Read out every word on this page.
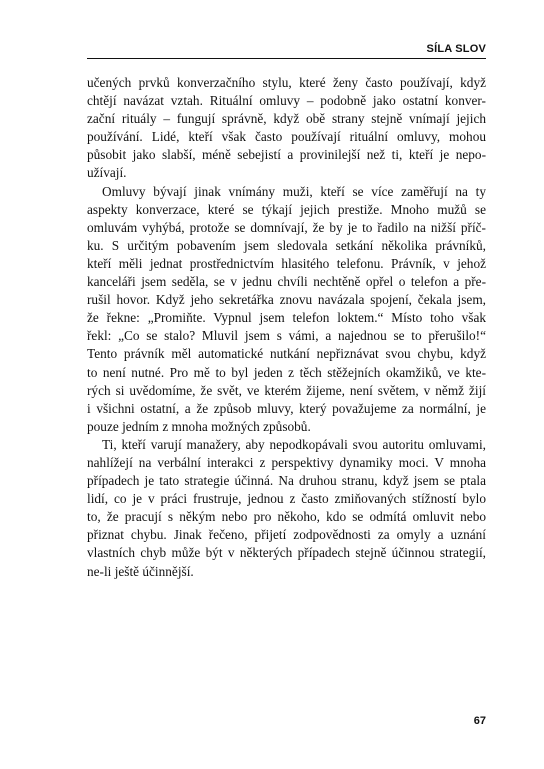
SÍLA SLOV
učených prvků konverzačního stylu, které ženy často používají, když
chtějí navázat vztah. Rituální omluvy – podobně jako ostatní konver-
zační rituály – fungují správně, když obě strany stejně vnímají jejich
používání. Lidé, kteří však často používají rituální omluvy, mohou
působit jako slabší, méně sebejistí a provinilejší než ti, kteří je nepo-
užívají.
Omluvy bývají jinak vnímány muži, kteří se více zaměřují na ty
aspekty konverzace, které se týkají jejich prestiže. Mnoho mužů se
omluvám vyhýbá, protože se domnívají, že by je to řadilo na nižší příč-
ku. S určitým pobavením jsem sledovala setkání několika právníků,
kteří měli jednat prostřednictvím hlasitého telefonu. Právník, v jehož
kanceláři jsem seděla, se v jednu chvíli nechtěně opřel o telefon a pře-
rušil hovor. Když jeho sekretářka znovu navázala spojení, čekala jsem,
že řekne: „Promiňte. Vypnul jsem telefon loktem.“ Místo toho však
řekl: „Co se stalo? Mluvil jsem s vámi, a najednou se to přerušilo!“
Tento právník měl automatické nutkání nepřiznávat svou chybu, když
to není nutné. Pro mě to byl jeden z těch stěžejních okamžiků, ve kte-
rých si uvědomíme, že svět, ve kterém žijeme, není světem, v němž žijí
i všichni ostatní, a že způsob mluvy, který považujeme za normální, je
pouze jedním z mnoha možných způsobů.
Ti, kteří varují manažery, aby nepodkopávali svou autoritu omluvami,
nahlížejí na verbální interakci z perspektivy dynamiky moci. V mnoha
případech je tato strategie účinná. Na druhou stranu, když jsem se ptala
lidí, co je v práci frustruje, jednou z často zmiňovaných stížností bylo
to, že pracují s někým nebo pro někoho, kdo se odmítá omluvit nebo
přiznat chybu. Jinak řečeno, přijetí zodpovědnosti za omyly a uznání
vlastních chyb může být v některých případech stejně účinnou strategií,
ne-li ještě účinnější.
67
